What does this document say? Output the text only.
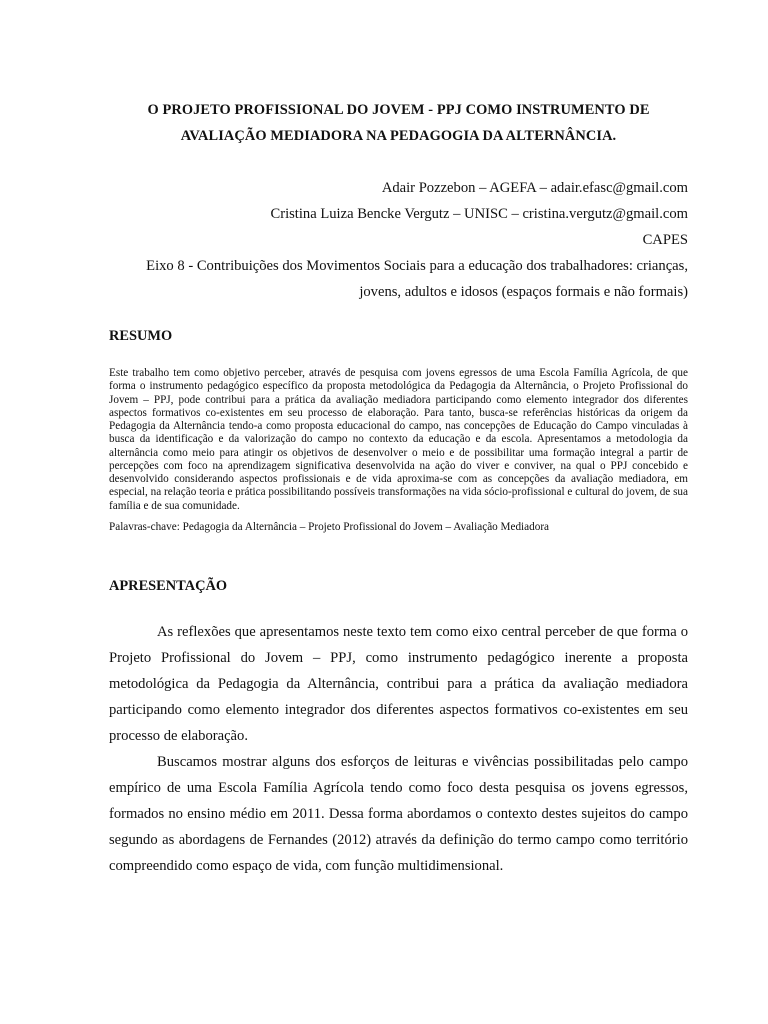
O PROJETO PROFISSIONAL DO JOVEM - PPJ COMO INSTRUMENTO DE
AVALIAÇÃO MEDIADORA NA PEDAGOGIA DA ALTERNÂNCIA.
Adair Pozzebon – AGEFA – adair.efasc@gmail.com
Cristina Luiza Bencke Vergutz – UNISC – cristina.vergutz@gmail.com
CAPES
Eixo 8 - Contribuições dos Movimentos Sociais para a educação dos trabalhadores: crianças,
jovens, adultos e idosos (espaços formais e não formais)
RESUMO
Este trabalho tem como objetivo perceber, através de pesquisa com jovens egressos de uma Escola Família Agrícola, de que forma o instrumento pedagógico específico da proposta metodológica da Pedagogia da Alternância, o Projeto Profissional do Jovem – PPJ, pode contribui para a prática da avaliação mediadora participando como elemento integrador dos diferentes aspectos formativos co-existentes em seu processo de elaboração. Para tanto, busca-se referências históricas da origem da Pedagogia da Alternância tendo-a como proposta educacional do campo, nas concepções de Educação do Campo vinculadas à busca da identificação e da valorização do campo no contexto da educação e da escola. Apresentamos a metodologia da alternância como meio para atingir os objetivos de desenvolver o meio e de possibilitar uma formação integral a partir de percepções com foco na aprendizagem significativa desenvolvida na ação do viver e conviver, na qual o PPJ concebido e desenvolvido considerando aspectos profissionais e de vida aproxima-se com as concepções da avaliação mediadora, em especial, na relação teoria e prática possibilitando possíveis transformações na vida sócio-profissional e cultural do jovem, de sua família e de sua comunidade.
Palavras-chave: Pedagogia da Alternância – Projeto Profissional do Jovem – Avaliação Mediadora
APRESENTAÇÃO

As reflexões que apresentamos neste texto tem como eixo central perceber de que forma o Projeto Profissional do Jovem – PPJ, como instrumento pedagógico inerente a proposta metodológica da Pedagogia da Alternância, contribui para a prática da avaliação mediadora participando como elemento integrador dos diferentes aspectos formativos co-existentes em seu processo de elaboração.

Buscamos mostrar alguns dos esforços de leituras e vivências possibilitadas pelo campo empírico de uma Escola Família Agrícola tendo como foco desta pesquisa os jovens egressos, formados no ensino médio em 2011. Dessa forma abordamos o contexto destes sujeitos do campo segundo as abordagens de Fernandes (2012) através da definição do termo campo como território compreendido como espaço de vida, com função multidimensional.
